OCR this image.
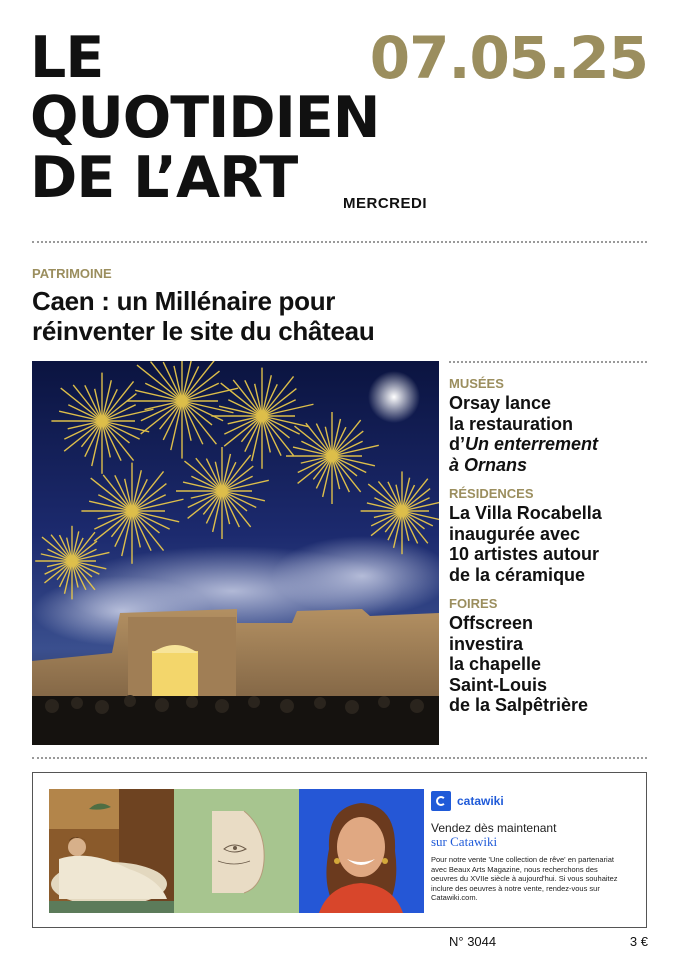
LE
QUOTIDIEN
DE L’ART
07.05.25
MERCREDI
PATRIMOINE
Caen : un Millénaire pour
réinventer le site du château
MUSÉES
Orsay lance
la restauration
d’Un enterrement
à Ornans
RÉSIDENCES
La Villa Rocabella
inaugurée avec
10 artistes autour
de la céramique
FOIRES
Offscreen
investira
la chapelle
Saint-Louis
de la Salpêtrière
catawiki
Vendez dès maintenant
sur Catawiki
Pour notre vente 'Une collection de rêve' en partenariat avec Beaux Arts Magazine, nous recherchons des oeuvres du XVIIe siècle à aujourd'hui. Si vous souhaitez inclure des oeuvres à notre vente, rendez-vous sur Catawiki.com.
N° 3044	3 €
